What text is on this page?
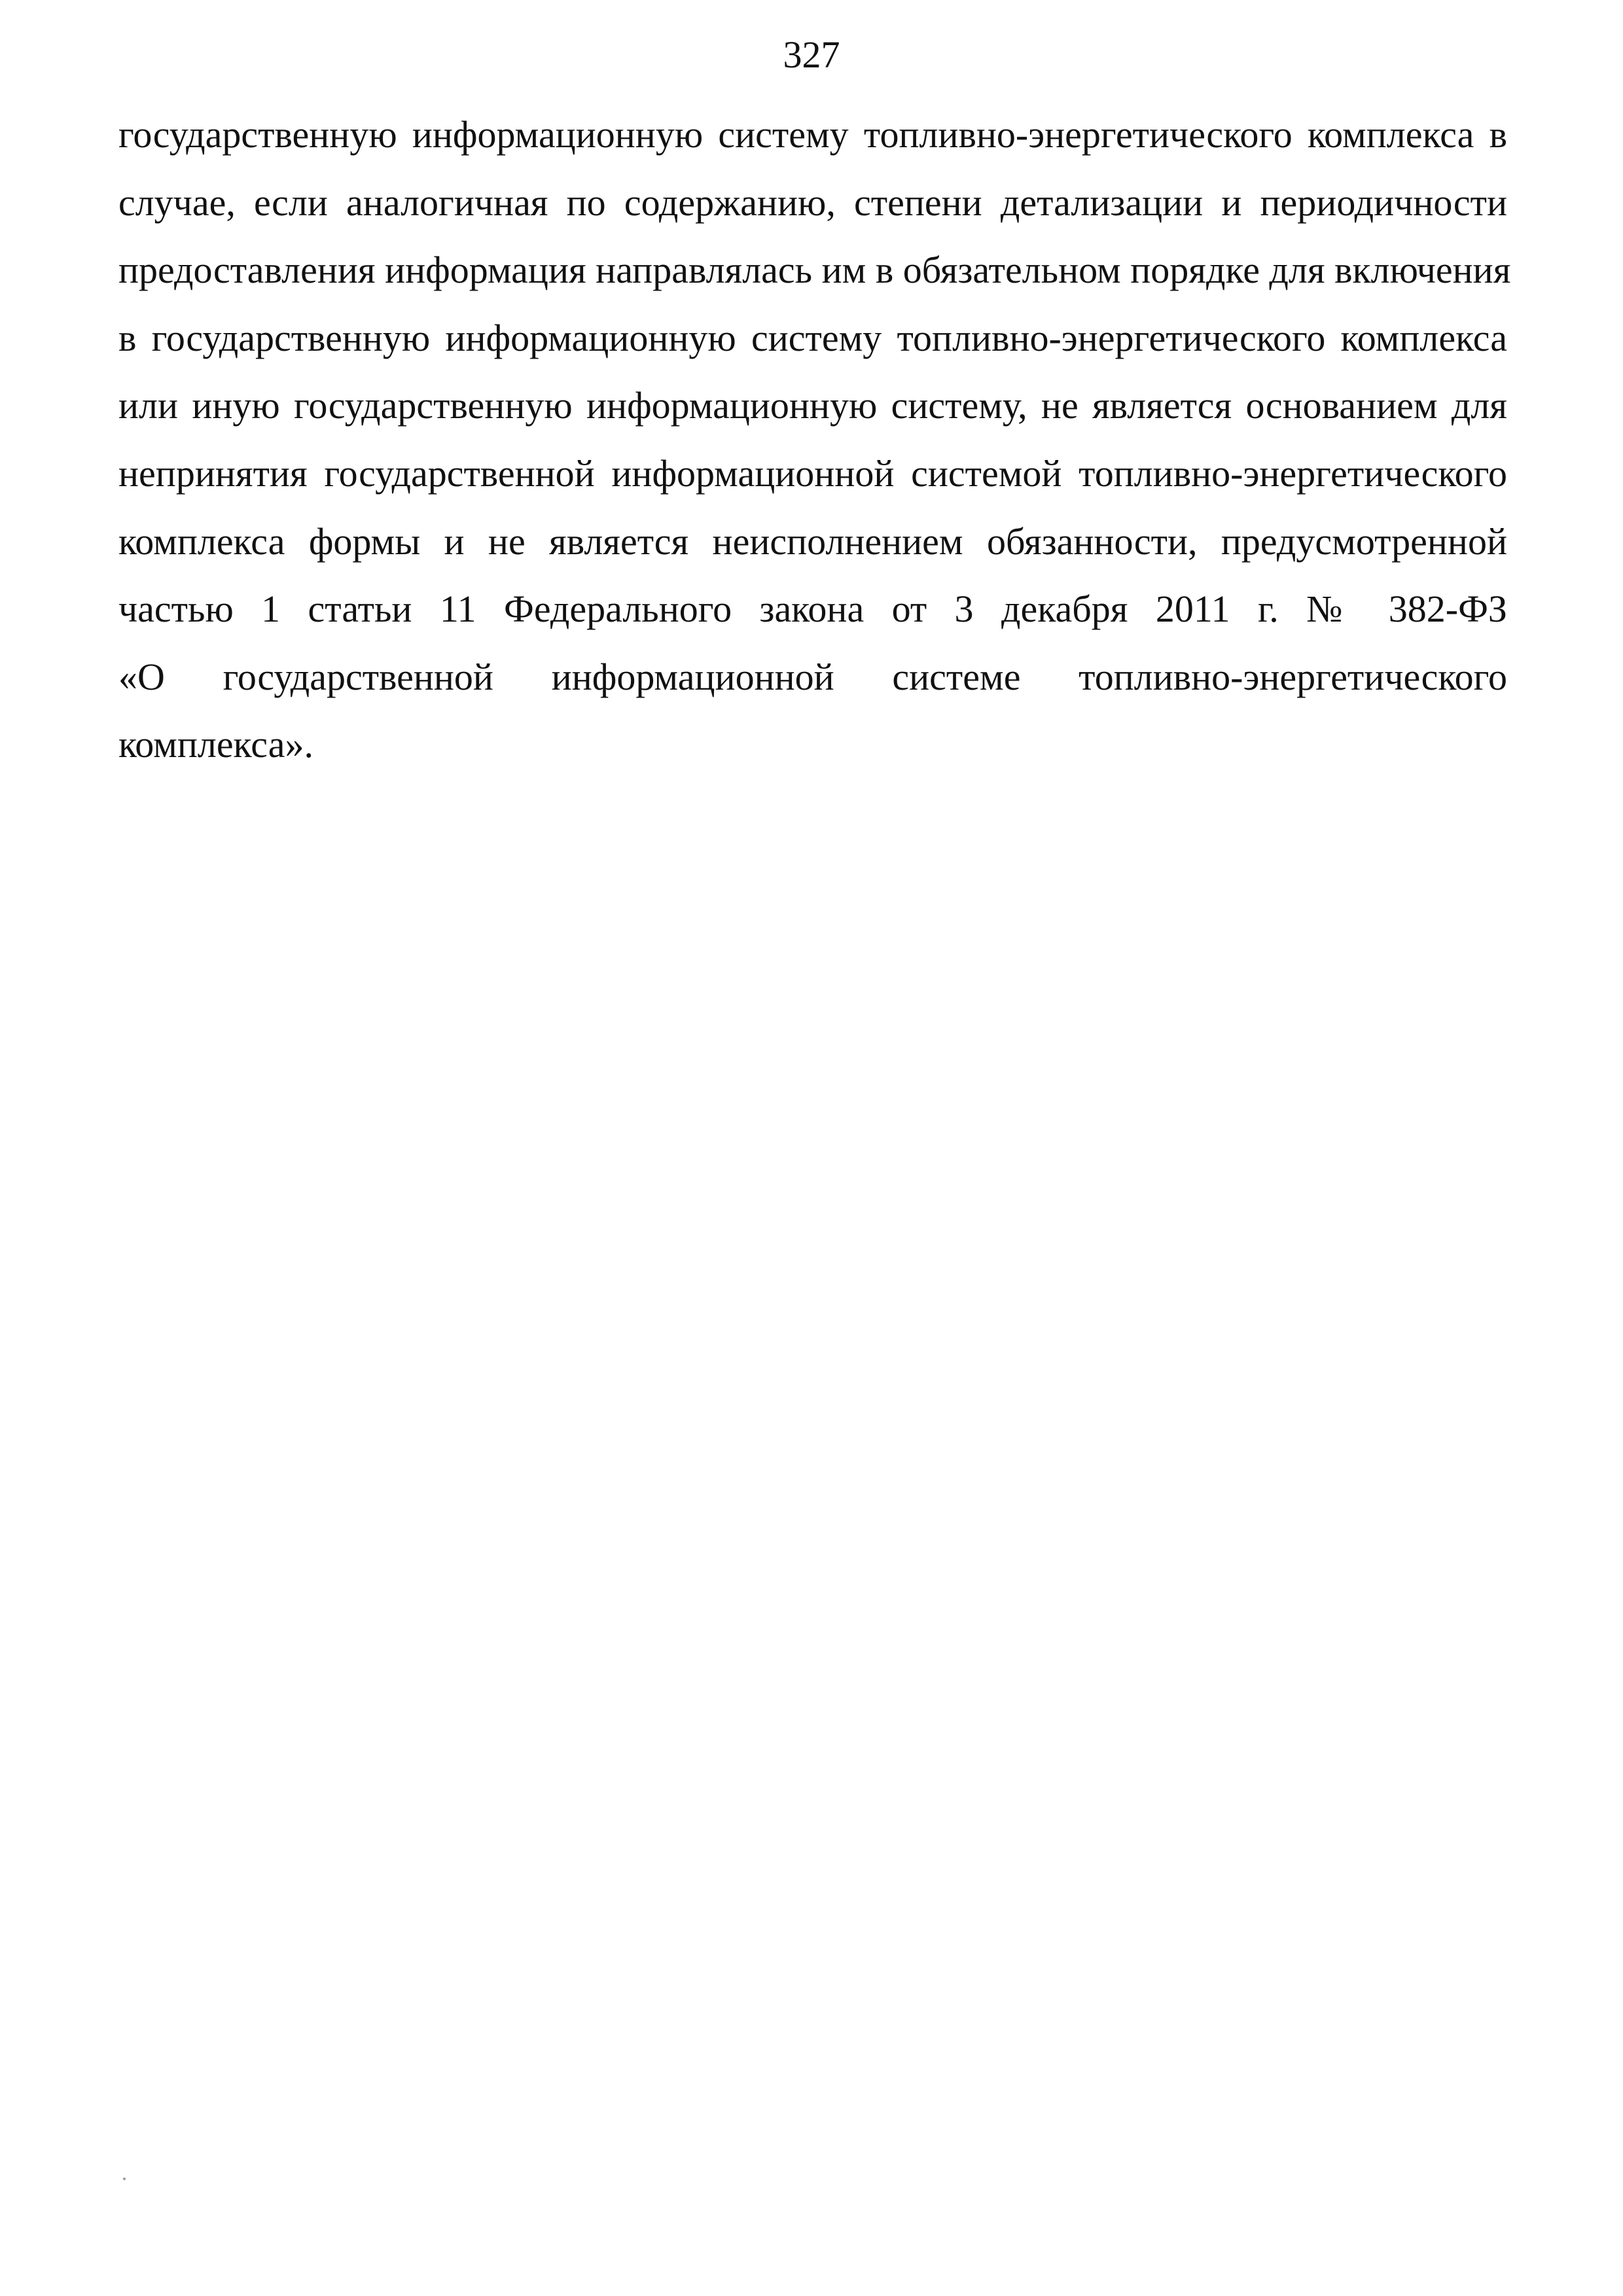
327
государственную информационную систему топливно-энергетического комплекса в
случае, если аналогичная по содержанию, степени детализации и периодичности
предоставления информация направлялась им в обязательном порядке для включения
в государственную информационную систему топливно-энергетического комплекса
или иную государственную информационную систему, не является основанием для
непринятия государственной информационной системой топливно-энергетического
комплекса формы и не является неисполнением обязанности, предусмотренной
частью 1 статьи 11 Федерального закона от 3 декабря 2011 г. № 382-ФЗ
«О государственной информационной системе топливно-энергетического
комплекса».
